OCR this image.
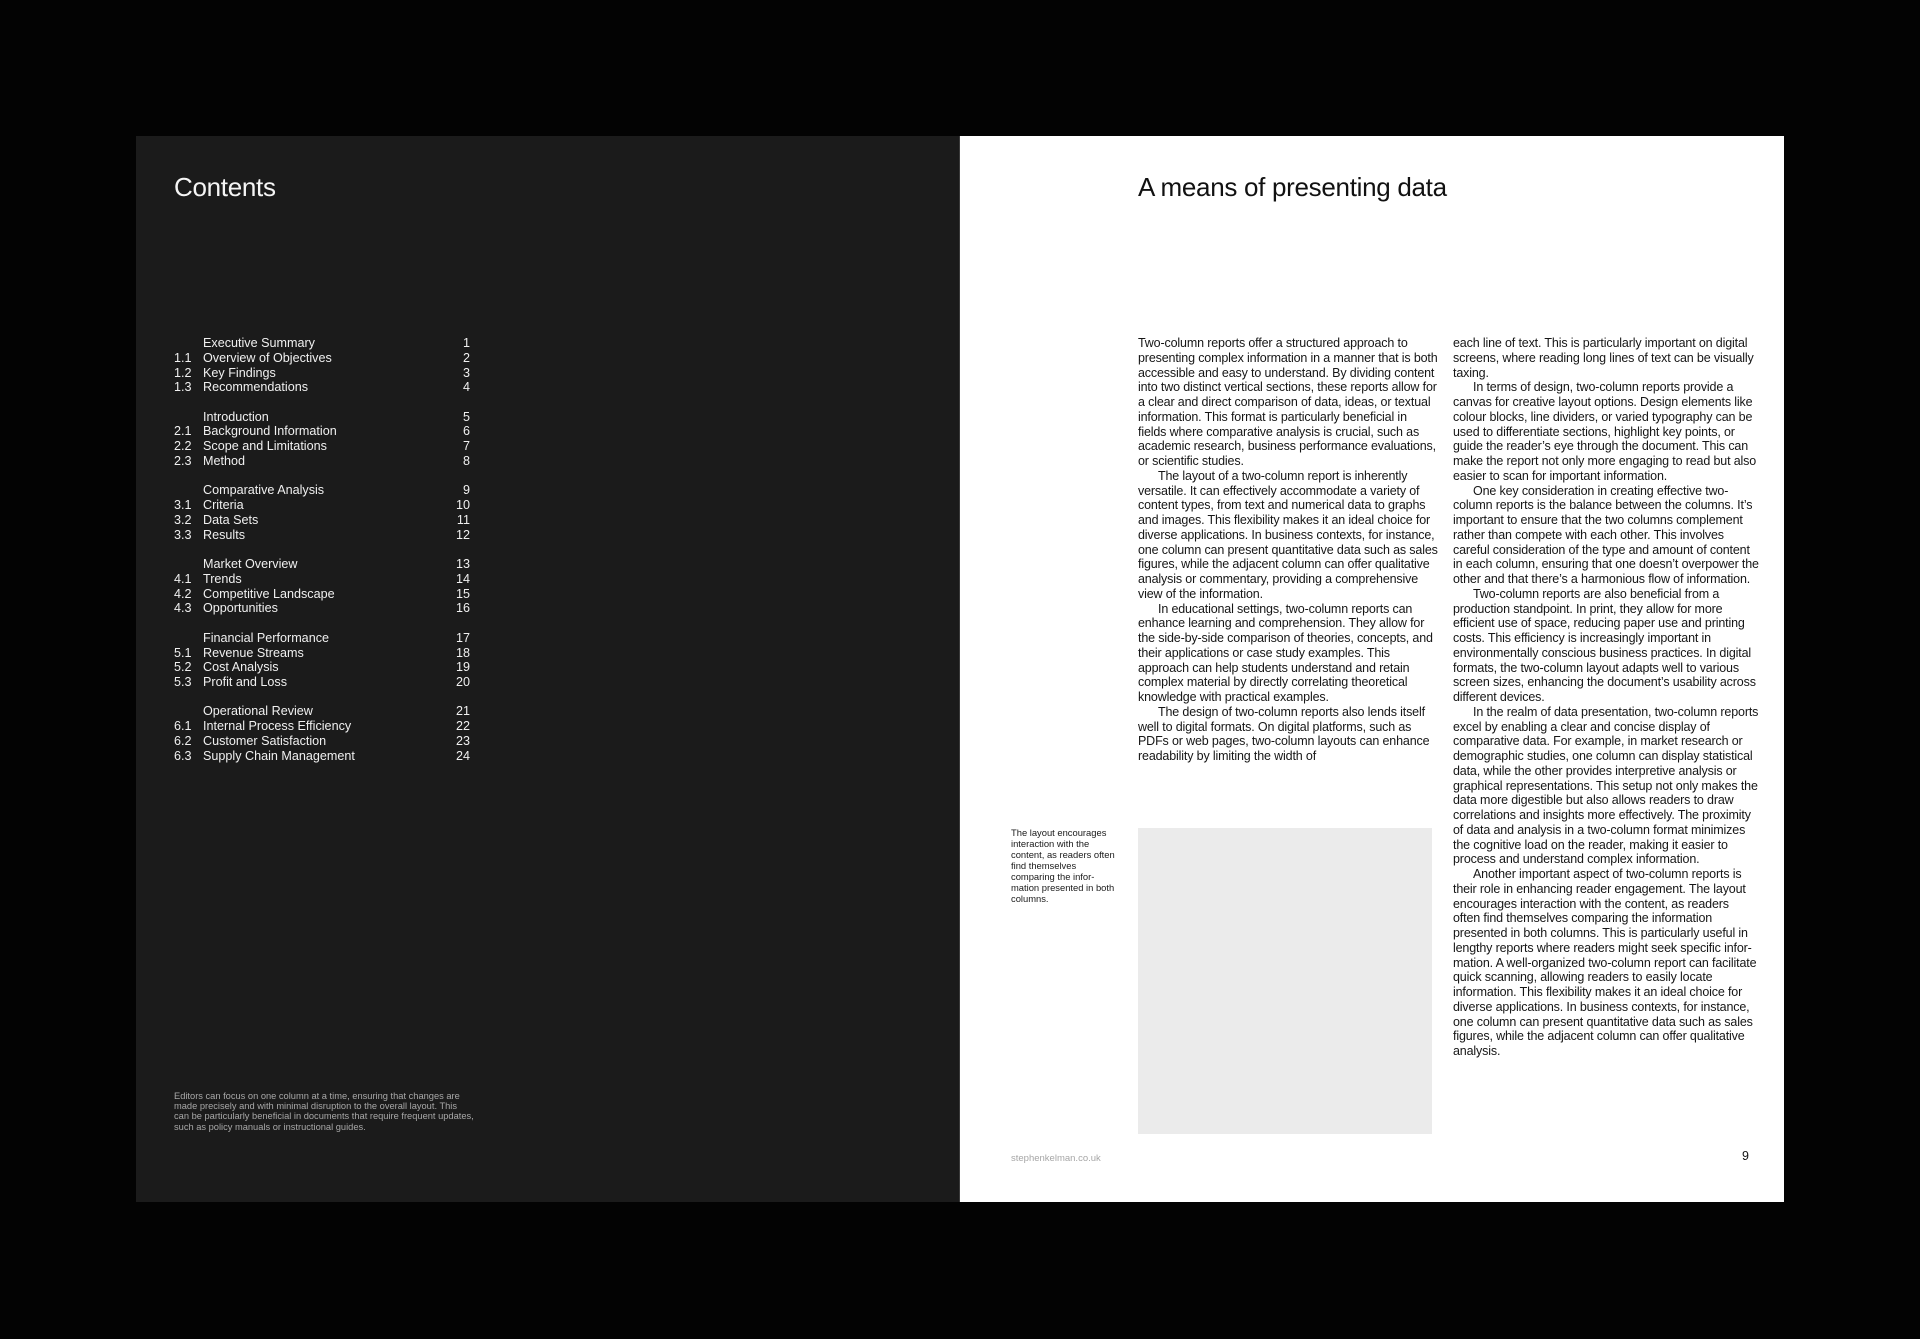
Contents
Executive Summary	1
1.1 Overview of Objectives	2
1.2 Key Findings	3
1.3 Recommendations	4
Introduction	5
2.1 Background Information	6
2.2 Scope and Limitations	7
2.3 Method	8
Comparative Analysis	9
3.1 Criteria	10
3.2 Data Sets	11
3.3 Results	12
Market Overview	13
4.1 Trends	14
4.2 Competitive Landscape	15
4.3 Opportunities	16
Financial Performance	17
5.1 Revenue Streams	18
5.2 Cost Analysis	19
5.3 Profit and Loss	20
Operational Review	21
6.1 Internal Process Efficiency	22
6.2 Customer Satisfaction	23
6.3 Supply Chain Management	24

Editors can focus on one column at a time, ensuring that changes are made precisely and with minimal disruption to the overall layout. This can be particularly beneficial in documents that require frequent updates, such as policy manuals or instructional guides.

A means of presenting data

Two-column reports offer a structured approach to presenting complex information in a manner that is both accessible and easy to understand. By dividing content into two distinct vertical sections, these reports allow for a clear and direct comparison of data, ideas, or textual information. This format is particularly beneficial in fields where comparative analysis is crucial, such as academic research, business performance evaluations, or scientific studies.

The layout of a two-column report is inherently versatile. It can effectively accommodate a variety of content types, from text and numerical data to graphs and images. This flexibility makes it an ideal choice for diverse applications. In business contexts, for instance, one column can present quantitative data such as sales figures, while the adjacent column can offer qualitative analysis or commentary, providing a comprehensive view of the information.

In educational settings, two-column reports can enhance learning and comprehension. They allow for the side-by-side comparison of theories, concepts, and their applications or case study examples. This approach can help students understand and retain complex material by directly correlating theoretical knowledge with practical examples.

The design of two-column reports also lends itself well to digital formats. On digital platforms, such as PDFs or web pages, two-column layouts can enhance readability by limiting the width of

The layout encourages interaction with the content, as readers often find themselves comparing the information presented in both columns.

each line of text. This is particularly important on digital screens, where reading long lines of text can be visually taxing.

In terms of design, two-column reports provide a canvas for creative layout options. Design elements like colour blocks, line dividers, or varied typography can be used to differentiate sections, highlight key points, or guide the reader’s eye through the document. This can make the report not only more engaging to read but also easier to scan for important information.

One key consideration in creating effective two-column reports is the balance between the columns. It’s important to ensure that the two columns complement rather than compete with each other. This involves careful consideration of the type and amount of content in each column, ensuring that one doesn’t overpower the other and that there’s a harmonious flow of information.

Two-column reports are also beneficial from a production standpoint. In print, they allow for more efficient use of space, reducing paper use and printing costs. This efficiency is increasingly important in environmentally conscious business practices. In digital formats, the two-column layout adapts well to various screen sizes, enhancing the document’s usability across different devices.

In the realm of data presentation, two-column reports excel by enabling a clear and concise display of comparative data. For example, in market research or demographic studies, one column can display statistical data, while the other provides interpretive analysis or graphical representations. This setup not only makes the data more digestible but also allows readers to draw correlations and insights more effectively. The proximity of data and analysis in a two-column format minimizes the cognitive load on the reader, making it easier to process and understand complex information.

Another important aspect of two-column reports is their role in enhancing reader engagement. The layout encourages interaction with the content, as readers often find themselves comparing the information presented in both columns. This is particularly useful in lengthy reports where readers might seek specific information. A well-organized two-column report can facilitate quick scanning, allowing readers to easily locate information. This flexibility makes it an ideal choice for diverse applications. In business contexts, for instance, one column can present quantitative data such as sales figures, while the adjacent column can offer qualitative analysis.

stephenkelman.co.uk	9
